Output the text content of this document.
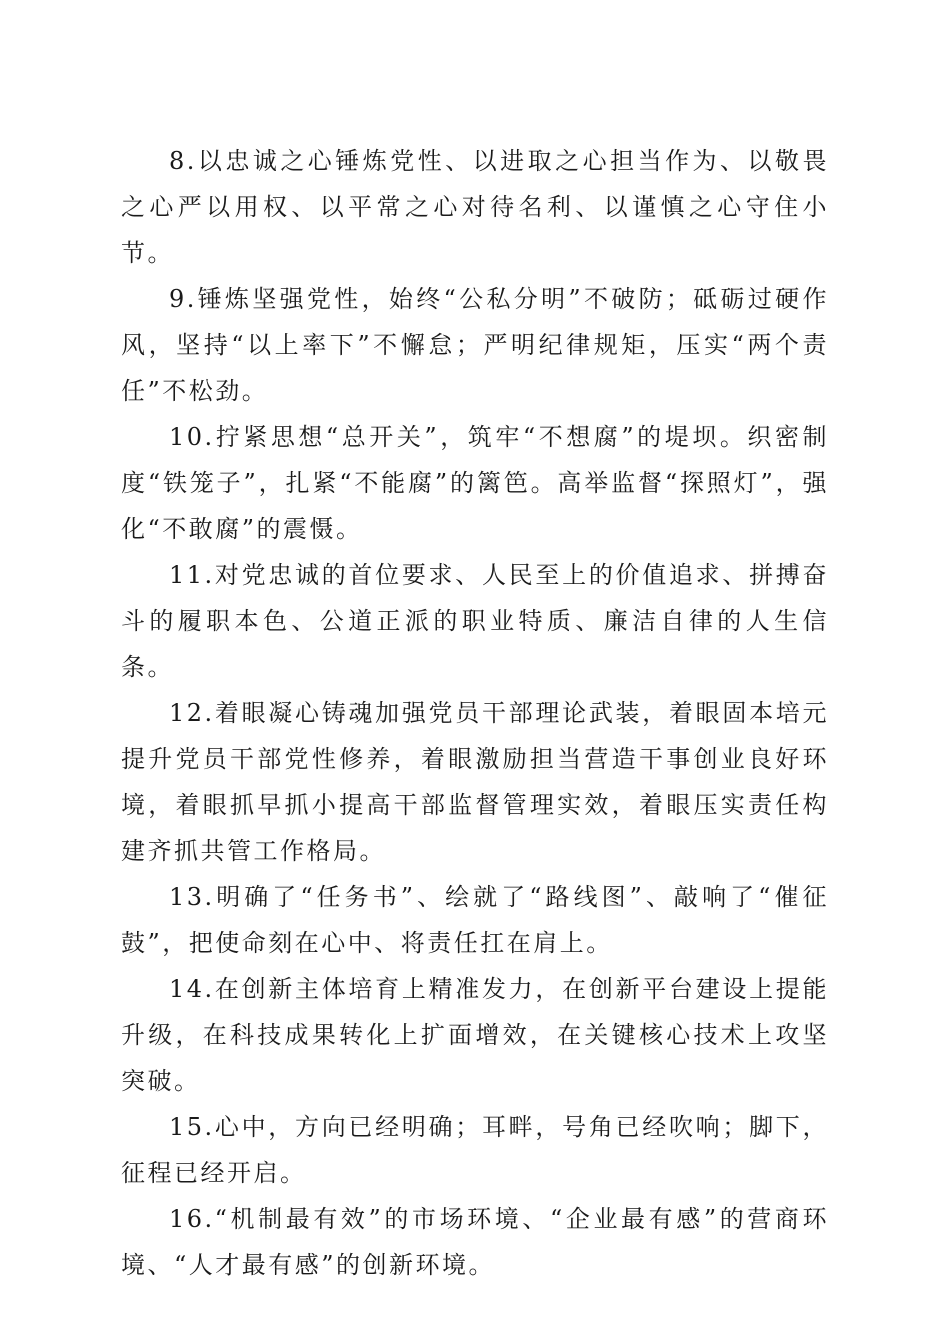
8.以忠诚之心锤炼党性、以进取之心担当作为、以敬畏之心严以用权、以平常之心对待名利、以谨慎之心守住小节。

9.锤炼坚强党性，始终“公私分明”不破防；砥砺过硬作风，坚持“以上率下”不懈怠；严明纪律规矩，压实“两个责任”不松劲。

10.拧紧思想“总开关”，筑牢“不想腐”的堤坝。织密制度“铁笼子”，扎紧“不能腐”的篱笆。高举监督“探照灯”，强化“不敢腐”的震慑。

11.对党忠诚的首位要求、人民至上的价值追求、拼搏奋斗的履职本色、公道正派的职业特质、廉洁自律的人生信条。

12.着眼凝心铸魂加强党员干部理论武装，着眼固本培元提升党员干部党性修养，着眼激励担当营造干事创业良好环境，着眼抓早抓小提高干部监督管理实效，着眼压实责任构建齐抓共管工作格局。

13.明确了“任务书”、绘就了“路线图”、敲响了“催征鼓”，把使命刻在心中、将责任扛在肩上。

14.在创新主体培育上精准发力，在创新平台建设上提能升级，在科技成果转化上扩面增效，在关键核心技术上攻坚突破。

15.心中，方向已经明确；耳畔，号角已经吹响；脚下，征程已经开启。

16.“机制最有效”的市场环境、“企业最有感”的营商环境、“人才最有感”的创新环境。
